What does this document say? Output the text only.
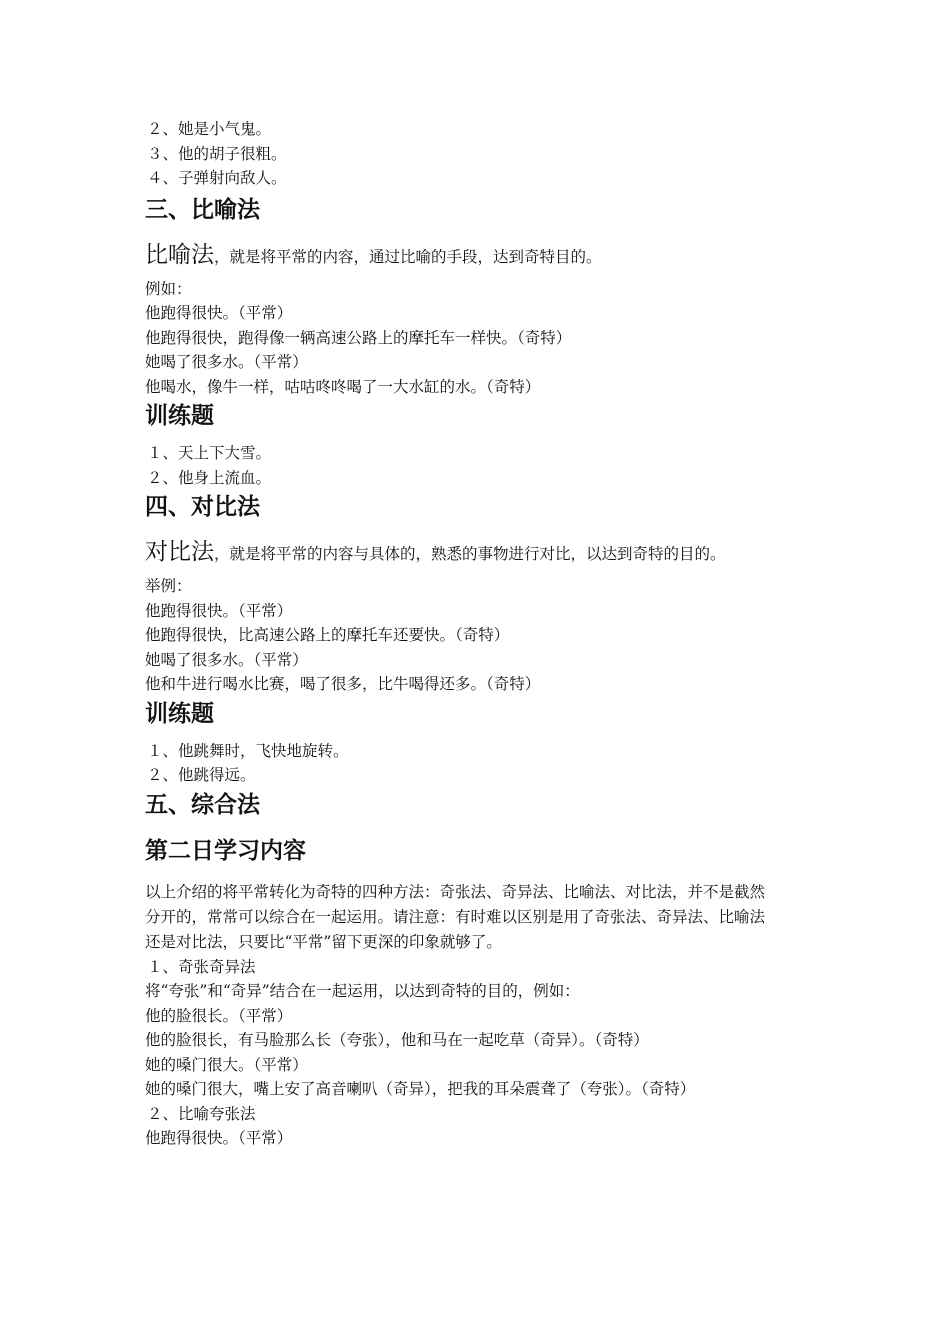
２、她是小气鬼。

３、他的胡子很粗。

４、子弹射向敌人。

三、比喻法

比喻法，就是将平常的内容，通过比喻的手段，达到奇特目的。

例如：

他跑得很快。（平常）

他跑得很快，跑得像一辆高速公路上的摩托车一样快。（奇特）

她喝了很多水。（平常）

他喝水，像牛一样，咕咕咚咚喝了一大水缸的水。（奇特）

训练题

１、天上下大雪。

２、他身上流血。

四、对比法

对比法，就是将平常的内容与具体的，熟悉的事物进行对比，以达到奇特的目的。

举例：

他跑得很快。（平常）

他跑得很快，比高速公路上的摩托车还要快。（奇特）

她喝了很多水。（平常）

他和牛进行喝水比赛，喝了很多，比牛喝得还多。（奇特）

训练题

１、他跳舞时，飞快地旋转。

２、他跳得远。

五、综合法
第二日学习内容

以上介绍的将平常转化为奇特的四种方法：奇张法、奇异法、比喻法、对比法，并不是截然

分开的，常常可以综合在一起运用。请注意：有时难以区别是用了奇张法、奇异法、比喻法

还是对比法，只要比“平常”留下更深的印象就够了。

１、奇张奇异法

将“夸张”和“奇异”结合在一起运用，以达到奇特的目的，例如：

他的脸很长。（平常）

他的脸很长，有马脸那么长（夸张），他和马在一起吃草（奇异）。（奇特）

她的嗓门很大。（平常）

她的嗓门很大，嘴上安了高音喇叭（奇异），把我的耳朵震聋了（夸张）。（奇特）

２、比喻夸张法

他跑得很快。（平常）
